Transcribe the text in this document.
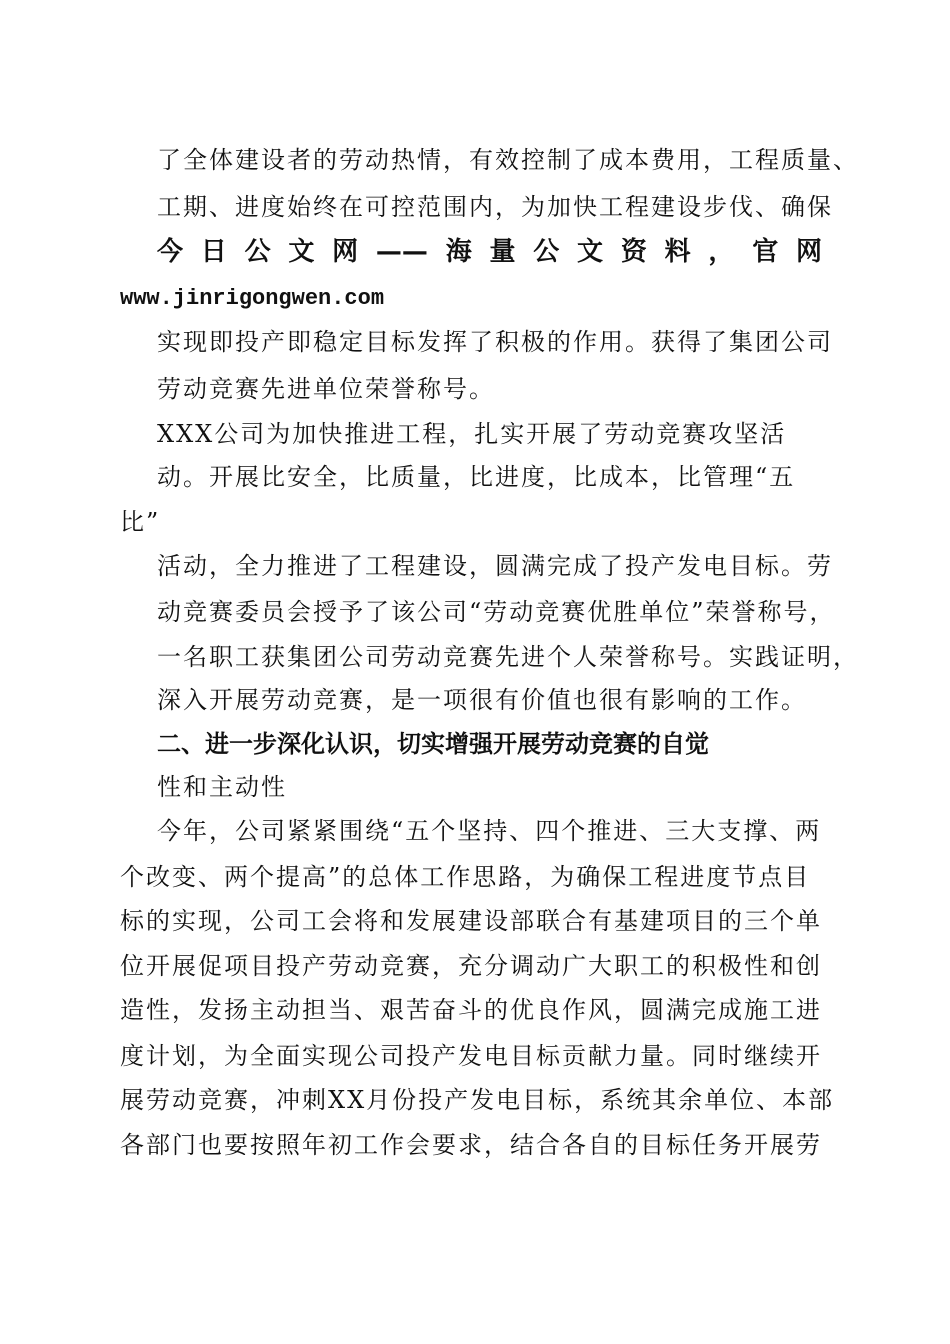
了全体建设者的劳动热情，有效控制了成本费用，工程质量、
工期、进度始终在可控范围内，为加快工程建设步伐、确保
今日公文网——海量公文资料，官网
www.jinrigongwen.com
实现即投产即稳定目标发挥了积极的作用。获得了集团公司
劳动竞赛先进单位荣誉称号。
XXX公司为加快推进工程，扎实开展了劳动竞赛攻坚活
动。开展比安全，比质量，比进度，比成本，比管理“五
比”
活动，全力推进了工程建设，圆满完成了投产发电目标。劳
动竞赛委员会授予了该公司“劳动竞赛优胜单位”荣誉称号，
一名职工获集团公司劳动竞赛先进个人荣誉称号。实践证明，
深入开展劳动竞赛，是一项很有价值也很有影响的工作。
二、进一步深化认识，切实增强开展劳动竞赛的自觉
性和主动性
今年，公司紧紧围绕“五个坚持、四个推进、三大支撑、两
个改变、两个提高”的总体工作思路，为确保工程进度节点目
标的实现，公司工会将和发展建设部联合有基建项目的三个单
位开展促项目投产劳动竞赛，充分调动广大职工的积极性和创
造性，发扬主动担当、艰苦奋斗的优良作风，圆满完成施工进
度计划，为全面实现公司投产发电目标贡献力量。同时继续开
展劳动竞赛，冲刺XX月份投产发电目标，系统其余单位、本部
各部门也要按照年初工作会要求，结合各自的目标任务开展劳
